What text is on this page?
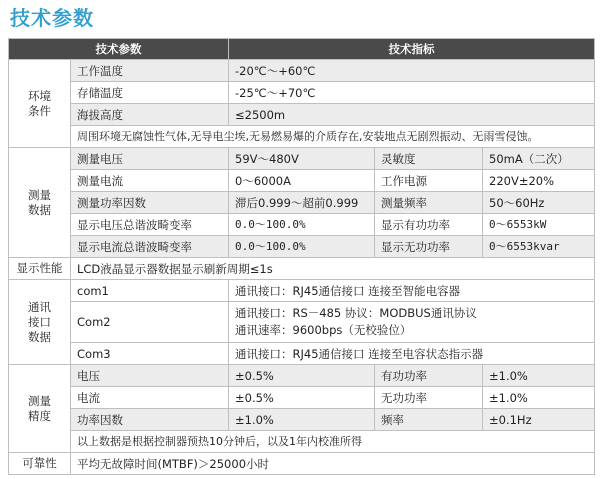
技术参数
技术参数		技术指标		
环境
条件	工作温度	-20℃～+60℃		
	存储温度	-25℃～+70℃		
	海拔高度	≤2500m		
	周围环境无腐蚀性气体,无导电尘埃,无易燃易爆的介质存在,安装地点无剧烈振动、无雨雪侵蚀。			
测量
数据	测量电压	59V～480V	灵敏度	50mA（二次）
	测量电流	0～6000A	工作电源	220V±20%
	测量功率因数	滞后0.999～超前0.999	测量频率	50～60Hz
	显示电压总谐波畸变率	0.0～100.0%	显示有功功率	0～6553kW
	显示电流总谐波畸变率	0.0～100.0%	显示无功功率	0～6553kvar
显示性能	LCD液晶显示器数据显示刷新周期≤1s			
通讯
接口
数据	com1	通讯接口：RJ45通信接口 连接至智能电容器		
	Com2	通讯接口：RS－485 协议：MODBUS通讯协议
通讯速率：9600bps（无校验位）		

	Com3	通讯接口：RJ45通信接口 连接至电容状态指示器		
测量
精度	电压	±0.5%	有功功率	±1.0%
	电流	±0.5%	无功功率	±1.0%
	功率因数	±1.0%	频率	±0.1Hz
	以上数据是根据控制器预热10分钟后，以及1年内校准所得			
可靠性	平均无故障时间(MTBF)＞25000小时			
